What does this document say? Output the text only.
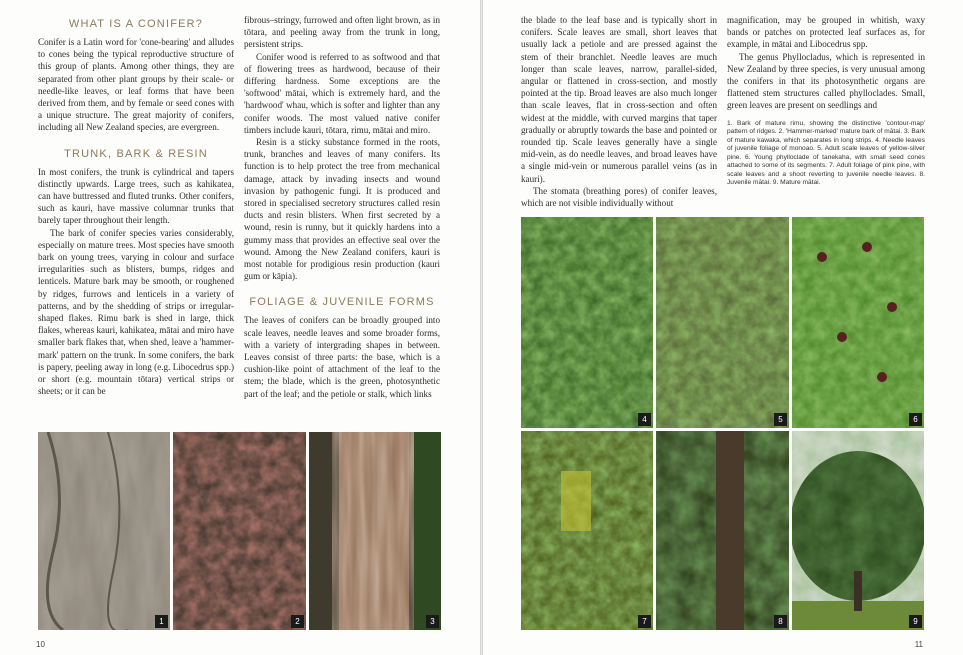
WHAT IS A CONIFER?

Conifer is a Latin word for 'cone-bearing' and alludes to cones being the typical reproductive structure of this group of plants. Among other things, they are separated from other plant groups by their scale- or needle-like leaves, or leaf forms that have been derived from them, and by female or seed cones with a unique structure. The great majority of conifers, including all New Zealand species, are evergreen.

TRUNK, BARK & RESIN

In most conifers, the trunk is cylindrical and tapers distinctly upwards. Large trees, such as kahikatea, can have buttressed and fluted trunks. Other conifers, such as kauri, have massive columnar trunks that barely taper throughout their length.

The bark of conifer species varies considerably, especially on mature trees. Most species have smooth bark on young trees, varying in colour and surface irregularities such as blisters, bumps, ridges and lenticels. Mature bark may be smooth, or roughened by ridges, furrows and lenticels in a variety of patterns, and by the shedding of strips or irregular-shaped flakes. Rimu bark is shed in large, thick flakes, whereas kauri, kahikatea, mātai and miro have smaller bark flakes that, when shed, leave a 'hammer-mark' pattern on the trunk. In some conifers, the bark is papery, peeling away in long (e.g. Libocedrus spp.) or short (e.g. mountain tōtara) vertical strips or sheets; or it can be

fibrous–stringy, furrowed and often light brown, as in tōtara, and peeling away from the trunk in long, persistent strips.

Conifer wood is referred to as softwood and that of flowering trees as hardwood, because of their differing hardness. Some exceptions are the 'softwood' mātai, which is extremely hard, and the 'hardwood' whau, which is softer and lighter than any conifer woods. The most valued native conifer timbers include kauri, tōtara, rimu, mātai and miro.

Resin is a sticky substance formed in the roots, trunk, branches and leaves of many conifers. Its function is to help protect the tree from mechanical damage, attack by invading insects and wound invasion by pathogenic fungi. It is produced and stored in specialised secretory structures called resin ducts and resin blisters. When first secreted by a wound, resin is runny, but it quickly hardens into a gummy mass that provides an effective seal over the wound. Among the New Zealand conifers, kauri is most notable for prodigious resin production (kauri gum or kāpia).

FOLIAGE & JUVENILE FORMS

The leaves of conifers can be broadly grouped into scale leaves, needle leaves and some broader forms, with a variety of intergrading shapes in between. Leaves consist of three parts: the base, which is a cushion-like point of attachment of the leaf to the stem; the blade, which is the green, photosynthetic part of the leaf; and the petiole or stalk, which links

1	2	3
10

the blade to the leaf base and is typically short in conifers. Scale leaves are small, short leaves that usually lack a petiole and are pressed against the stem of their branchlet. Needle leaves are much longer than scale leaves, narrow, parallel-sided, angular or flattened in cross-section, and mostly pointed at the tip. Broad leaves are also much longer than scale leaves, flat in cross-section and often widest at the middle, with curved margins that taper gradually or abruptly towards the base and pointed or rounded tip. Scale leaves generally have a single mid-vein, as do needle leaves, and broad leaves have a single mid-vein or numerous parallel veins (as in kauri).

The stomata (breathing pores) of conifer leaves, which are not visible individually without

magnification, may be grouped in whitish, waxy bands or patches on protected leaf surfaces as, for example, in mātai and Libocedrus spp.

The genus Phyllocladus, which is represented in New Zealand by three species, is very unusual among the conifers in that its photosynthetic organs are flattened stem structures called phylloclades. Small, green leaves are present on seedlings and

1. Bark of mature rimu, showing the distinctive 'contour-map' pattern of ridges. 2. 'Hammer-marked' mature bark of mātai. 3. Bark of mature kawaka, which separates in long strips. 4. Needle leaves of juvenile foliage of monoao. 5. Adult scale leaves of yellow-silver pine. 6. Young phylloclade of tanekaha, with small seed cones attached to some of its segments. 7. Adult foliage of pink pine, with scale leaves and a shoot reverting to juvenile needle leaves. 8. Juvenile mātai. 9. Mature mātai.
4	5	6
7	8	9
11
